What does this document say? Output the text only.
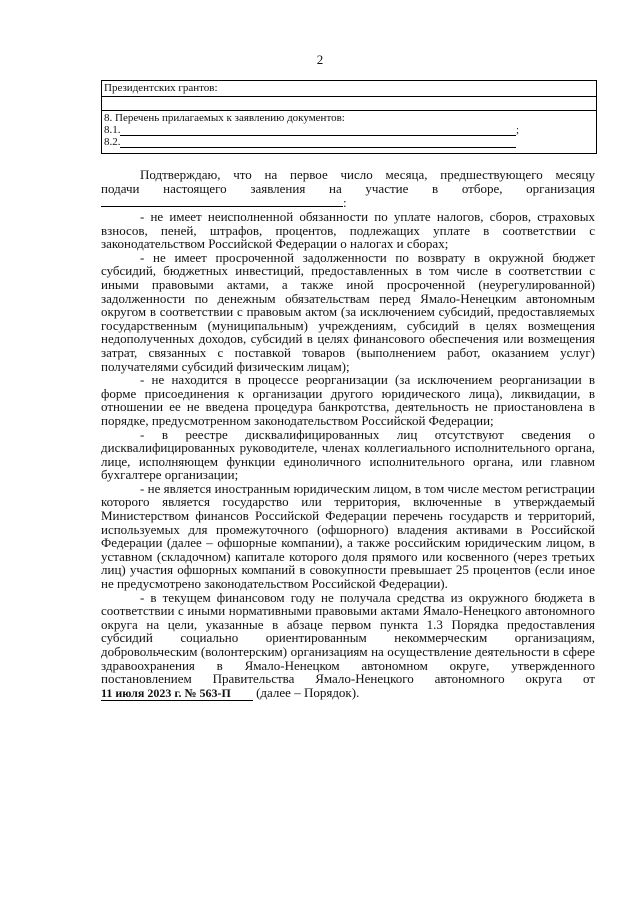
2
Президентских грантов:
8. Перечень прилагаемых к заявлению документов:
8.1.	;
8.2.

Подтверждаю, что на первое число месяца, предшествующего месяцу

подачи настоящего заявления на участие в отборе, организация

:

- не имеет неисполненной обязанности по уплате налогов, сборов, страховых взносов, пеней, штрафов, процентов, подлежащих уплате в соответствии с законодательством Российской Федерации о налогах и сборах;

- не имеет просроченной задолженности по возврату в окружной бюджет субсидий, бюджетных инвестиций, предоставленных в том числе в соответствии с иными правовыми актами, а также иной просроченной (неурегулированной) задолженности по денежным обязательствам перед Ямало-Ненецким автономным округом в соответствии с правовым актом (за исключением субсидий, предоставляемых государственным (муниципальным) учреждениям, субсидий в целях возмещения недополученных доходов, субсидий в целях финансового обеспечения или возмещения затрат, связанных с поставкой товаров (выполнением работ, оказанием услуг) получателями субсидий физическим лицам);

- не находится в процессе реорганизации (за исключением реорганизации в форме присоединения к организации другого юридического лица), ликвидации, в отношении ее не введена процедура банкротства, деятельность не приостановлена в порядке, предусмотренном законодательством Российской Федерации;

- в реестре дисквалифицированных лиц отсутствуют сведения о дисквалифицированных руководителе, членах коллегиального исполнительного органа, лице, исполняющем функции единоличного исполнительного органа, или главном бухгалтере организации;

- не является иностранным юридическим лицом, в том числе местом регистрации которого является государство или территория, включенные в утверждаемый Министерством финансов Российской Федерации перечень государств и территорий, используемых для промежуточного (офшорного) владения активами в Российской Федерации (далее – офшорные компании), а также российским юридическим лицом, в уставном (складочном) капитале которого доля прямого или косвенного (через третьих лиц) участия офшорных компаний в совокупности превышает 25 процентов (если иное не предусмотрено законодательством Российской Федерации).

- в текущем финансовом году не получала средства из окружного бюджета в соответствии с иными нормативными правовыми актами Ямало-Ненецкого автономного округа на цели, указанные в абзаце первом пункта 1.3 Порядка предоставления субсидий социально ориентированным некоммерческим организациям, добровольческим (волонтерским) организациям на осуществление деятельности в сфере здравоохранения в Ямало-Ненецком автономном округе, утвержденного постановлением Правительства Ямало-Ненецкого автономного округа от

11 июля 2023 г. № 563-П (далее – Порядок).
